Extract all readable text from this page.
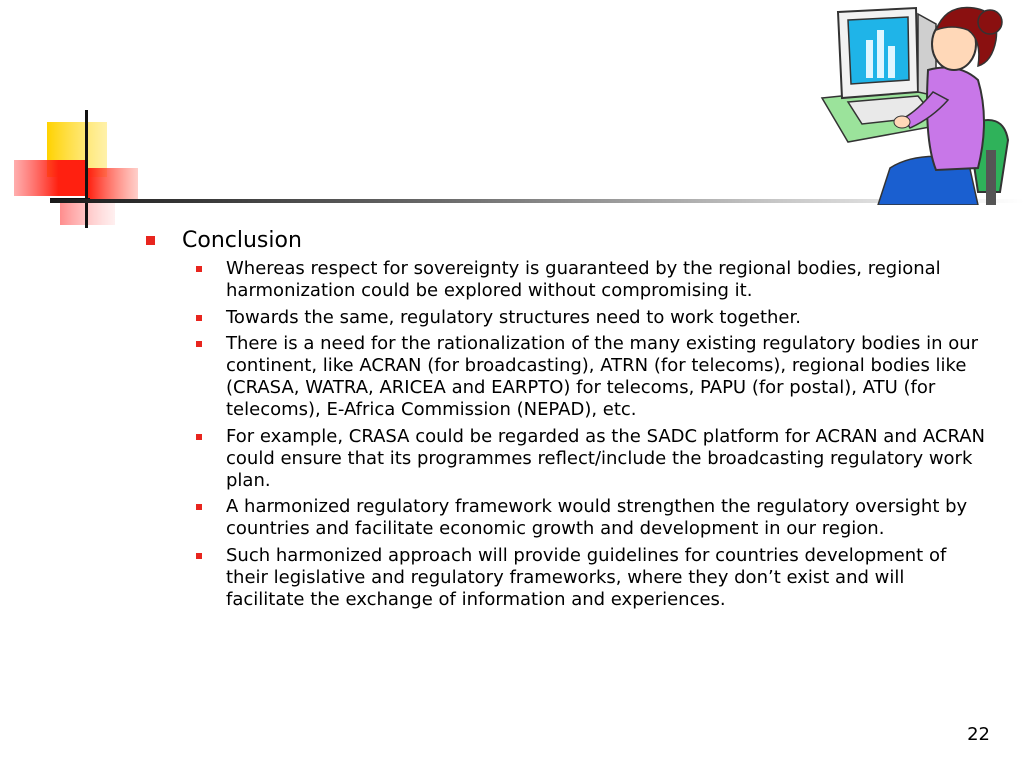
Conclusion
Whereas respect for sovereignty is guaranteed by the regional bodies, regional harmonization could be explored without compromising it.
Towards the same, regulatory structures need to work together.
There is a need for the rationalization of the many existing regulatory bodies in our continent, like ACRAN (for broadcasting), ATRN (for telecoms), regional bodies like (CRASA, WATRA, ARICEA and EARPTO) for telecoms, PAPU (for postal), ATU (for telecoms), E-Africa Commission (NEPAD), etc.
For example, CRASA could be regarded as the SADC platform for ACRAN and ACRAN could ensure that its programmes reflect/include the broadcasting regulatory work plan.
A harmonized regulatory framework would strengthen the regulatory oversight by countries and facilitate economic growth and development in our region.
Such harmonized approach will provide guidelines for countries development of their legislative and regulatory frameworks, where they don’t exist and will facilitate the exchange of information and experiences.
22
